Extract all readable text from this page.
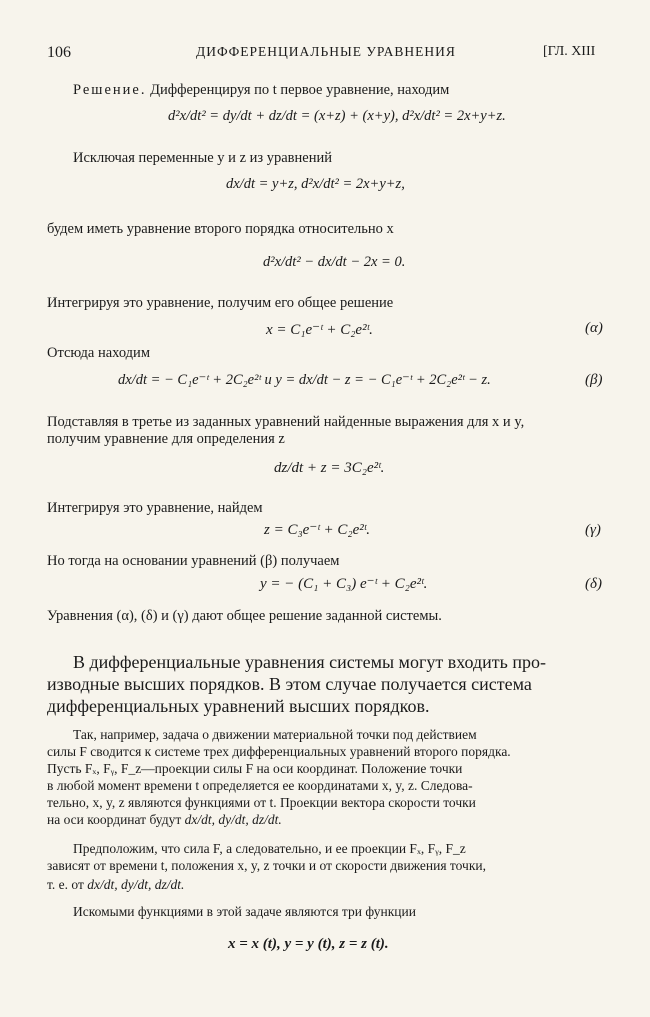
106	ДИФФЕРЕНЦИАЛЬНЫЕ УРАВНЕНИЯ	[ГЛ. XIII
Решение. Дифференцируя по t первое уравнение, находим
d²x/dt² = dy/dt + dz/dt = (x+z) + (x+y), d²x/dt² = 2x+y+z.
Исключая переменные y и z из уравнений
dx/dt = y+z, d²x/dt² = 2x+y+z,
будем иметь уравнение второго порядка относительно x
d²x/dt² − dx/dt − 2x = 0.
Интегрируя это уравнение, получим его общее решение
x = C₁e⁻ᵗ + C₂e²ᵗ.	(α)
Отсюда находим
dx/dt = − C₁e⁻ᵗ + 2C₂e²ᵗ и y = dx/dt − z = − C₁e⁻ᵗ + 2C₂e²ᵗ − z.	(β)
Подставляя в третье из заданных уравнений найденные выражения для x и y,
получим уравнение для определения z
dz/dt + z = 3C₂e²ᵗ.
Интегрируя это уравнение, найдем
z = C₃e⁻ᵗ + C₂e²ᵗ.	(γ)
Но тогда на основании уравнений (β) получаем
y = − (C₁ + C₃) e⁻ᵗ + C₂e²ᵗ.	(δ)
Уравнения (α), (δ) и (γ) дают общее решение заданной системы.
В дифференциальные уравнения системы могут входить про-
изводные высших порядков. В этом случае получается система
дифференциальных уравнений высших порядков.
Так, например, задача о движении материальной точки под действием
силы F сводится к системе трех дифференциальных уравнений второго порядка.
Пусть Fₓ, Fᵧ, F_z—проекции силы F на оси координат. Положение точки
в любой момент времени t определяется ее координатами x, y, z. Следова-
тельно, x, y, z являются функциями от t. Проекции вектора скорости точки
на оси координат будут dx/dt, dy/dt, dz/dt.
Предположим, что сила F, а следовательно, и ее проекции Fₓ, Fᵧ, F_z
зависят от времени t, положения x, y, z точки и от скорости движения точки,
т. е. от dx/dt, dy/dt, dz/dt.
Искомыми функциями в этой задаче являются три функции
x = x (t), y = y (t), z = z (t).
